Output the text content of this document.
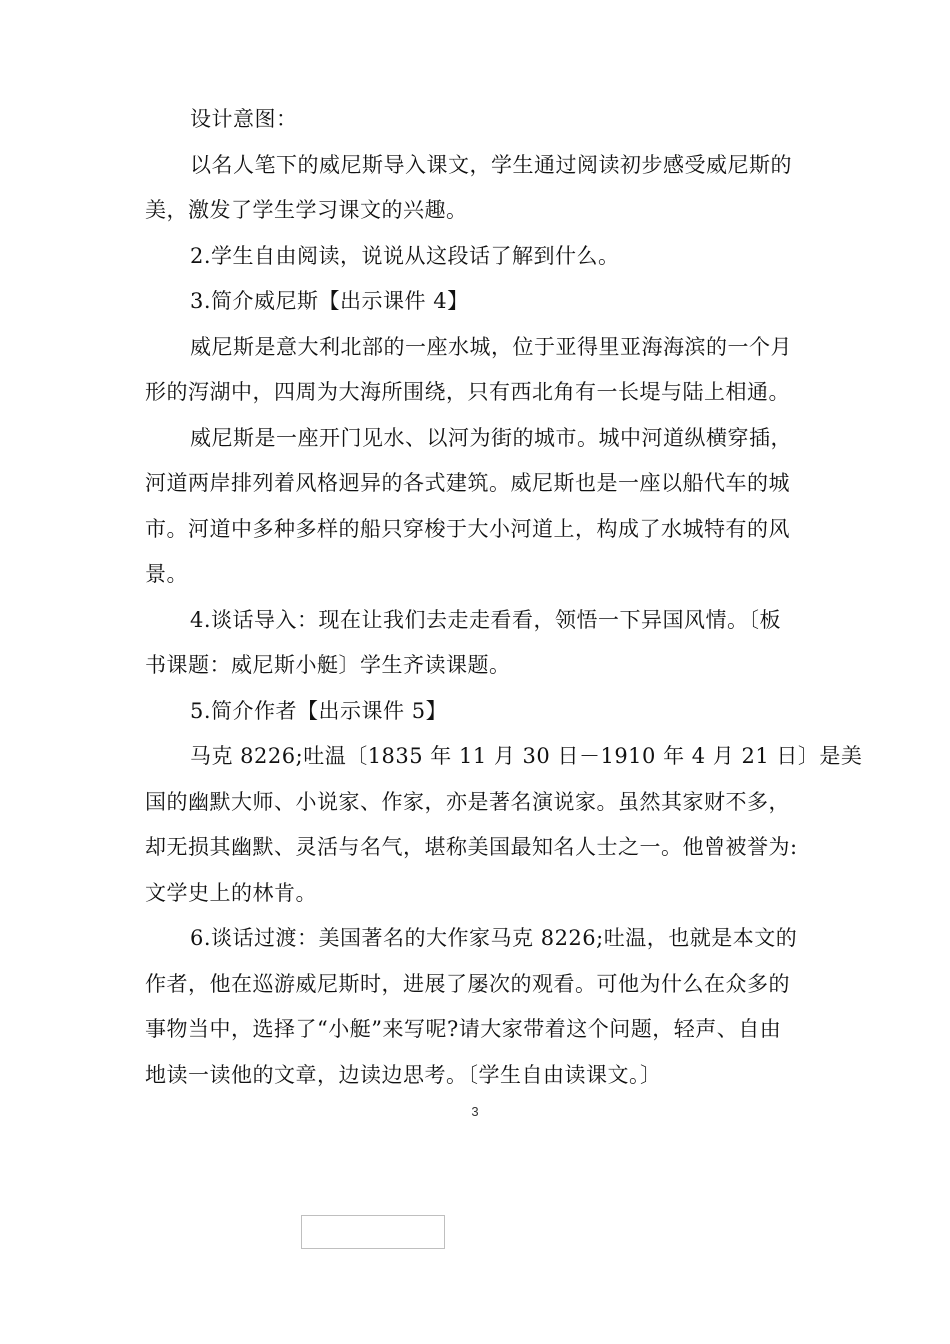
设计意图：
以名人笔下的威尼斯导入课文，学生通过阅读初步感受威尼斯的
美，激发了学生学习课文的兴趣。
2.学生自由阅读，说说从这段话了解到什么。
3.简介威尼斯【出示课件 4】
威尼斯是意大利北部的一座水城，位于亚得里亚海海滨的一个月
形的泻湖中，四周为大海所围绕，只有西北角有一长堤与陆上相通。
威尼斯是一座开门见水、以河为街的城市。城中河道纵横穿插，
河道两岸排列着风格迥异的各式建筑。威尼斯也是一座以船代车的城
市。河道中多种多样的船只穿梭于大小河道上，构成了水城特有的风
景。
4.谈话导入：现在让我们去走走看看，领悟一下异国风情。〔板
书课题：威尼斯小艇〕学生齐读课题。
5.简介作者【出示课件 5】
马克 8226;吐温〔1835 年 11 月 30 日－1910 年 4 月 21 日〕是美
国的幽默大师、小说家、作家，亦是著名演说家。虽然其家财不多，
却无损其幽默、灵活与名气，堪称美国最知名人士之一。他曾被誉为:
文学史上的林肯。
6.谈话过渡：美国著名的大作家马克 8226;吐温，也就是本文的
作者，他在巡游威尼斯时，进展了屡次的观看。可他为什么在众多的
事物当中，选择了“小艇”来写呢?请大家带着这个问题，轻声、自由
地读一读他的文章，边读边思考。〔学生自由读课文。〕
3
